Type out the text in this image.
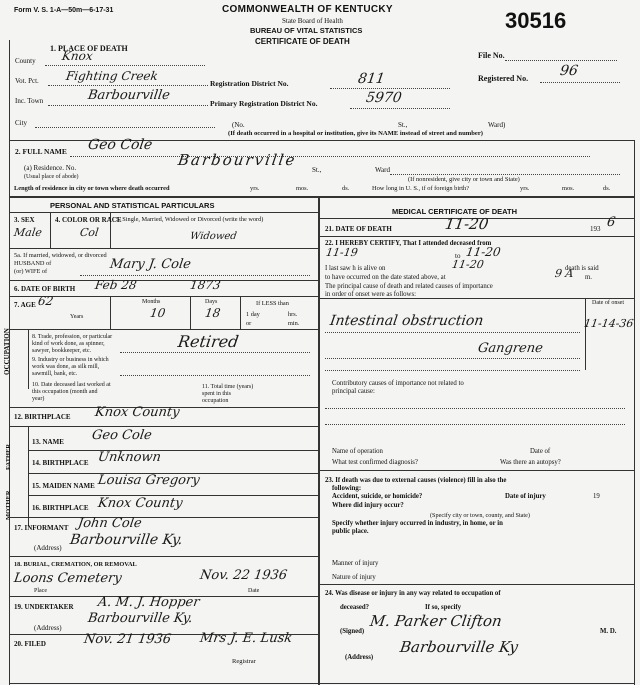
Form V. S. 1-A—50m—6-17-31	COMMONWEALTH OF KENTUCKY
State Board of Health
BUREAU OF VITAL STATISTICS
CERTIFICATE OF DEATH
30516
File No.
Registered No. 96
1. PLACE OF DEATH
County Knox
Vot. Pct. Fighting Creek
Registration District No.	811
Inc. Town	Barbourville
Primary Registration District No.	5970
City	(No.	St.,	Ward)
(If death occurred in a hospital or institution, give its NAME instead of street and number)
2. FULL NAME Geo Cole
(a) Residence. No.	Barbourville
(Usual place of abode)
St.,	Ward
(If nonresident, give city or town and State)
Length of residence in city or town where death occurred	yrs.	mos.	ds.	How long in U. S., if of foreign birth?	yrs.	mos.	ds.
PERSONAL AND STATISTICAL PARTICULARS
3. SEX
Male
4. COLOR OR RACE
Col
5. Single, Married, Widowed or Divorced (write the word)
Widowed
5a. If married, widowed, or divorced
HUSBAND of
(or) WIFE of	Mary J. Cole
6. DATE OF BIRTH Feb 28	1873
7. AGE 62
Years
Months
10
Days
18
If LESS than
1 day	hrs.
or	min.
OCCUPATION	8. Trade, profession, or particular
kind of work done, as spinner,
sawyer, bookkeeper, etc.	Retired
9. Industry or business in which
work was done, as silk mill,
sawmill, bank, etc.
10. Date deceased last worked at
this occupation (month and
year)
11. Total time (years)
spent in this
occupation
12. BIRTHPLACE Knox County
FATHER
MOTHER
13. NAME Geo Cole
14. BIRTHPLACE Unknown
15. MAIDEN NAME Louisa Gregory
16. BIRTHPLACE Knox County
17. INFORMANT John Cole
(Address) Barbourville Ky.
18. BURIAL, CREMATION, OR REMOVAL
Loons Cemetery	Nov. 22 1936
Place	Date
19. UNDERTAKER A. M. J. Hopper
(Address)
Barbourville Ky.
20. FILED	Nov. 21 1936 Mrs J. E. Lusk
Registrar
MEDICAL CERTIFICATE OF DEATH
21. DATE OF DEATH	11-20	193 6
22. I HEREBY CERTIFY, That I attended deceased from
11-19	to 11-20
I last saw h is alive on	11-20	death is said
to have occurred on the date stated above, at	9 A m.
The principal cause of death and related causes of importance
in order of onset were as follows:
Date of onset
Intestinal obstruction	11-14-36
Gangrene
Contributory causes of importance not related to
principal cause:
Name of operation	Date of
What test confirmed diagnosis?	Was there an autopsy?
23. If death was due to external causes (violence) fill in also the
following:
Accident, suicide, or homicide?	Date of injury	19
Where did injury occur?
(Specify city or town, county, and State)
Specify whether injury occurred in industry, in home, or in
public place.
Manner of injury
Nature of injury
24. Was disease or injury in any way related to occupation of
deceased?	If so, specify
(Signed)
M. Parker Clifton
M. D.
(Address)
Barbourville Ky
